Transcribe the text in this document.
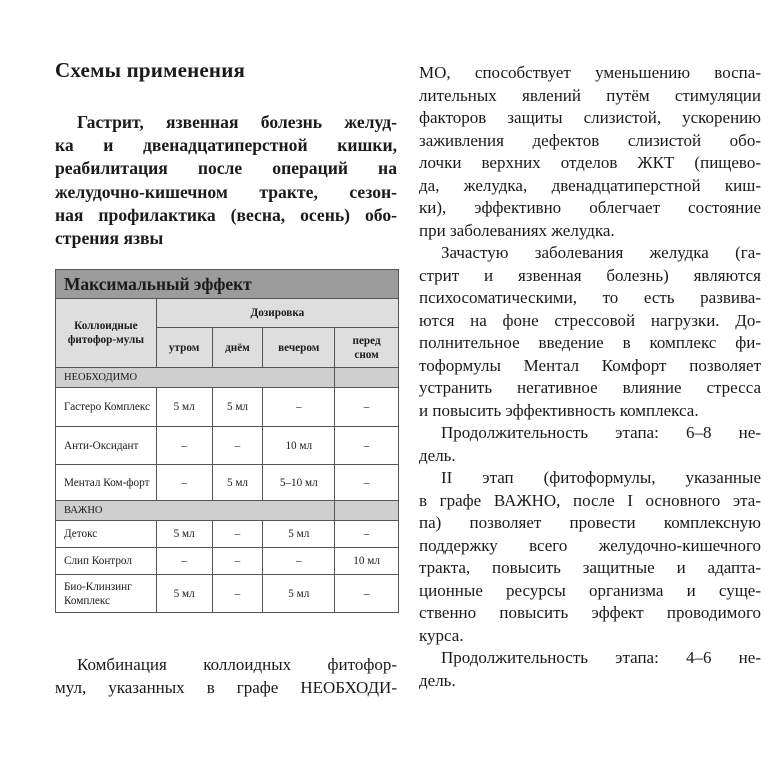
Схемы применения
Гастрит, язвенная болезнь желуд-
ка и двенадцатиперстной кишки,
реабилитация после операций на
желудочно-кишечном тракте, сезон-
ная профилактика (весна, осень) обо-
стрения язвы
Максимальный эффект				
Коллоидные фитофор-мулы	Дозировка			
	утром	днём	вечером	перед сном
НЕОБХОДИМО				
Гастеро Комплекс	5 мл	5 мл	–	–
Анти-Оксидант	–	–	10 мл	–
Ментал Ком-форт	–	5 мл	5–10 мл	–
ВАЖНО				
Детокс	5 мл	–	5 мл	–
Слип Контрол	–	–	–	10 мл
Био-Клинзинг Комплекс	5 мл	–	5 мл	–
Комбинация коллоидных фитофор-
мул, указанных в графе НЕОБХОДИ-
МО, способствует уменьшению воспа-
лительных явлений путём стимуляции
факторов защиты слизистой, ускорению
заживления дефектов слизистой обо-
лочки верхних отделов ЖКТ (пищево-
да, желудка, двенадцатиперстной киш-
ки), эффективно облегчает состояние
при заболеваниях желудка.
Зачастую заболевания желудка (га-
стрит и язвенная болезнь) являются
психосоматическими, то есть развива-
ются на фоне стрессовой нагрузки. До-
полнительное введение в комплекс фи-
тоформулы Ментал Комфорт позволяет
устранить негативное влияние стресса
и повысить эффективность комплекса.
Продолжительность этапа: 6–8 не-
дель.
II этап (фитоформулы, указанные
в графе ВАЖНО, после I основного эта-
па) позволяет провести комплексную
поддержку всего желудочно-кишечного
тракта, повысить защитные и адапта-
ционные ресурсы организма и суще-
ственно повысить эффект проводимого
курса.
Продолжительность этапа: 4–6 не-
дель.
